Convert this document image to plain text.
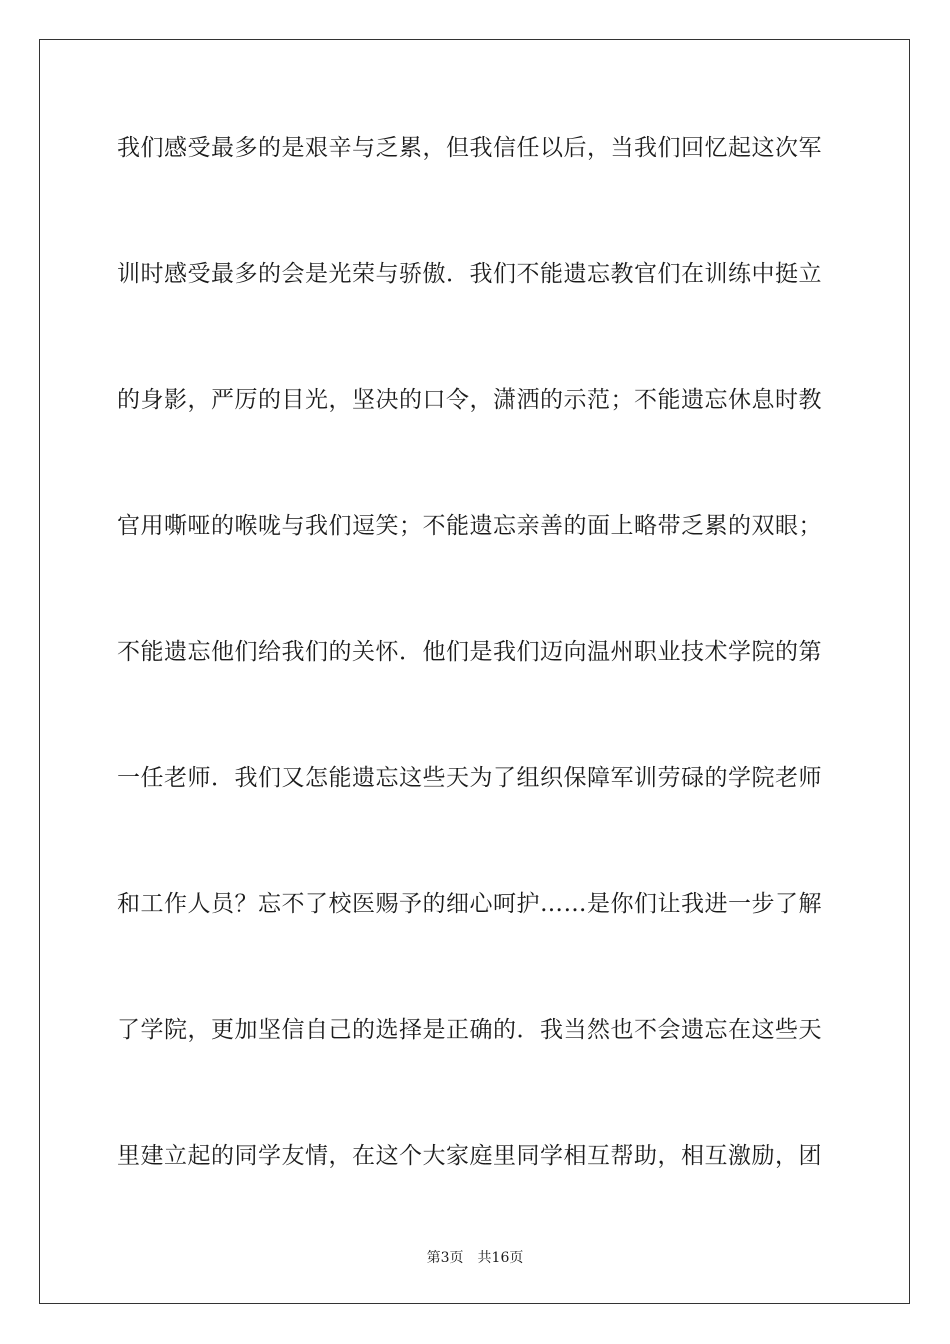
我们感受最多的是艰辛与乏累，但我信任以后，当我们回忆起这次军
训时感受最多的会是光荣与骄傲．我们不能遗忘教官们在训练中挺立
的身影，严厉的目光，坚决的口令，潇洒的示范；不能遗忘休息时教
官用嘶哑的喉咙与我们逗笑；不能遗忘亲善的面上略带乏累的双眼；
不能遗忘他们给我们的关怀．他们是我们迈向温州职业技术学院的第
一任老师．我们又怎能遗忘这些天为了组织保障军训劳碌的学院老师
和工作人员？忘不了校医赐予的细心呵护……是你们让我进一步了解
了学院，更加坚信自己的选择是正确的．我当然也不会遗忘在这些天
里建立起的同学友情，在这个大家庭里同学相互帮助，相互激励，团
第3页 共16页
